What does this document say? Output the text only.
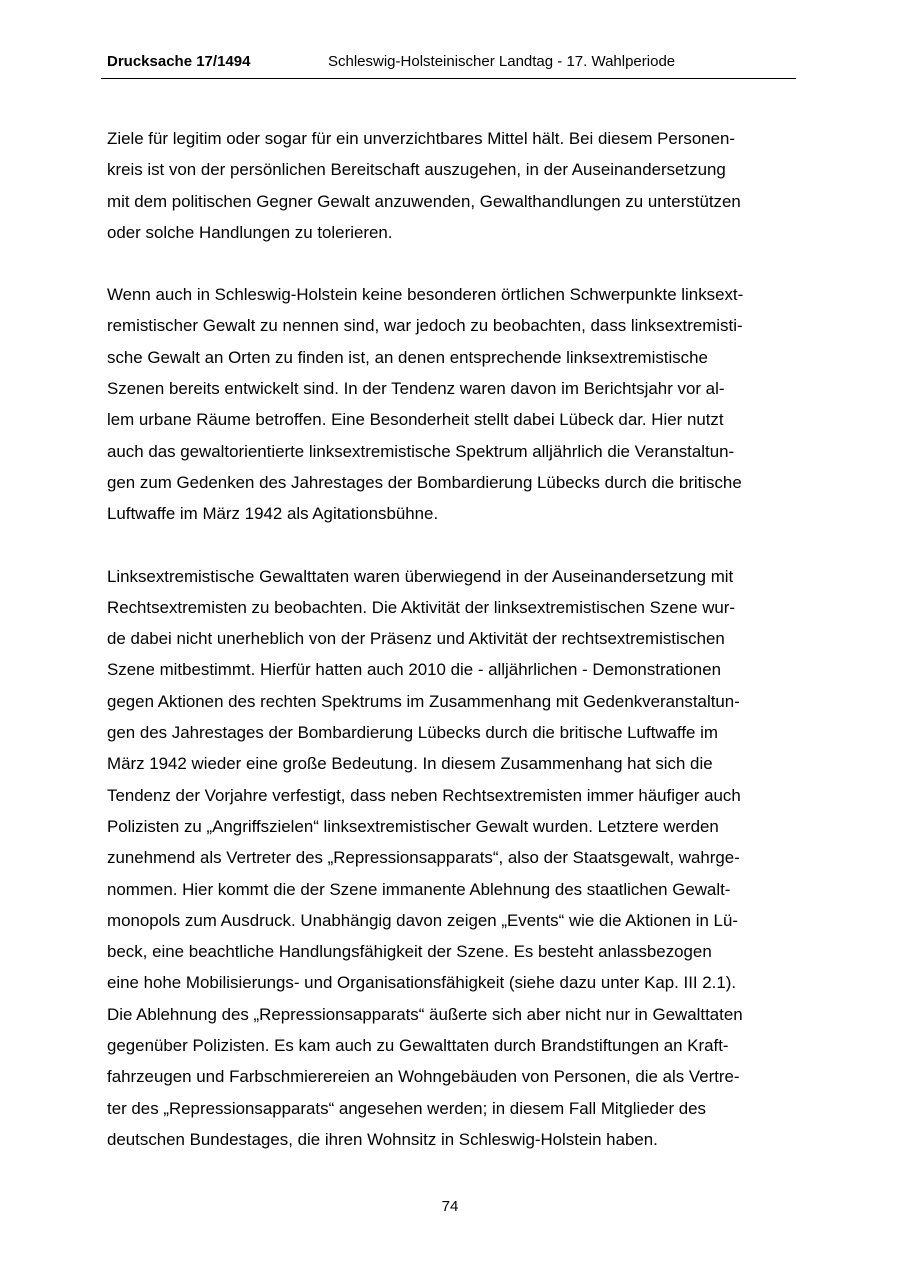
Drucksache 17/1494	Schleswig-Holsteinischer Landtag - 17. Wahlperiode
Ziele für legitim oder sogar für ein unverzichtbares Mittel hält. Bei diesem Personen-
kreis ist von der persönlichen Bereitschaft auszugehen, in der Auseinandersetzung
mit dem politischen Gegner Gewalt anzuwenden, Gewalthandlungen zu unterstützen
oder solche Handlungen zu tolerieren.
Wenn auch in Schleswig-Holstein keine besonderen örtlichen Schwerpunkte linksext-
remistischer Gewalt zu nennen sind, war jedoch zu beobachten, dass linksextremisti-
sche Gewalt an Orten zu finden ist, an denen entsprechende linksextremistische
Szenen bereits entwickelt sind. In der Tendenz waren davon im Berichtsjahr vor al-
lem urbane Räume betroffen. Eine Besonderheit stellt dabei Lübeck dar. Hier nutzt
auch das gewaltorientierte linksextremistische Spektrum alljährlich die Veranstaltun-
gen zum Gedenken des Jahrestages der Bombardierung Lübecks durch die britische
Luftwaffe im März 1942 als Agitationsbühne.
Linksextremistische Gewalttaten waren überwiegend in der Auseinandersetzung mit
Rechtsextremisten zu beobachten. Die Aktivität der linksextremistischen Szene wur-
de dabei nicht unerheblich von der Präsenz und Aktivität der rechtsextremistischen
Szene mitbestimmt. Hierfür hatten auch 2010 die - alljährlichen - Demonstrationen
gegen Aktionen des rechten Spektrums im Zusammenhang mit Gedenkveranstaltun-
gen des Jahrestages der Bombardierung Lübecks durch die britische Luftwaffe im
März 1942 wieder eine große Bedeutung. In diesem Zusammenhang hat sich die
Tendenz der Vorjahre verfestigt, dass neben Rechtsextremisten immer häufiger auch
Polizisten zu „Angriffszielen“ linksextremistischer Gewalt wurden. Letztere werden
zunehmend als Vertreter des „Repressionsapparats“, also der Staatsgewalt, wahrge-
nommen. Hier kommt die der Szene immanente Ablehnung des staatlichen Gewalt-
monopols zum Ausdruck. Unabhängig davon zeigen „Events“ wie die Aktionen in Lü-
beck, eine beachtliche Handlungsfähigkeit der Szene. Es besteht anlassbezogen
eine hohe Mobilisierungs- und Organisationsfähigkeit (siehe dazu unter Kap. III 2.1).
Die Ablehnung des „Repressionsapparats“ äußerte sich aber nicht nur in Gewalttaten
gegenüber Polizisten. Es kam auch zu Gewalttaten durch Brandstiftungen an Kraft-
fahrzeugen und Farbschmierereien an Wohngebäuden von Personen, die als Vertre-
ter des „Repressionsapparats“ angesehen werden; in diesem Fall Mitglieder des
deutschen Bundestages, die ihren Wohnsitz in Schleswig-Holstein haben.
74
